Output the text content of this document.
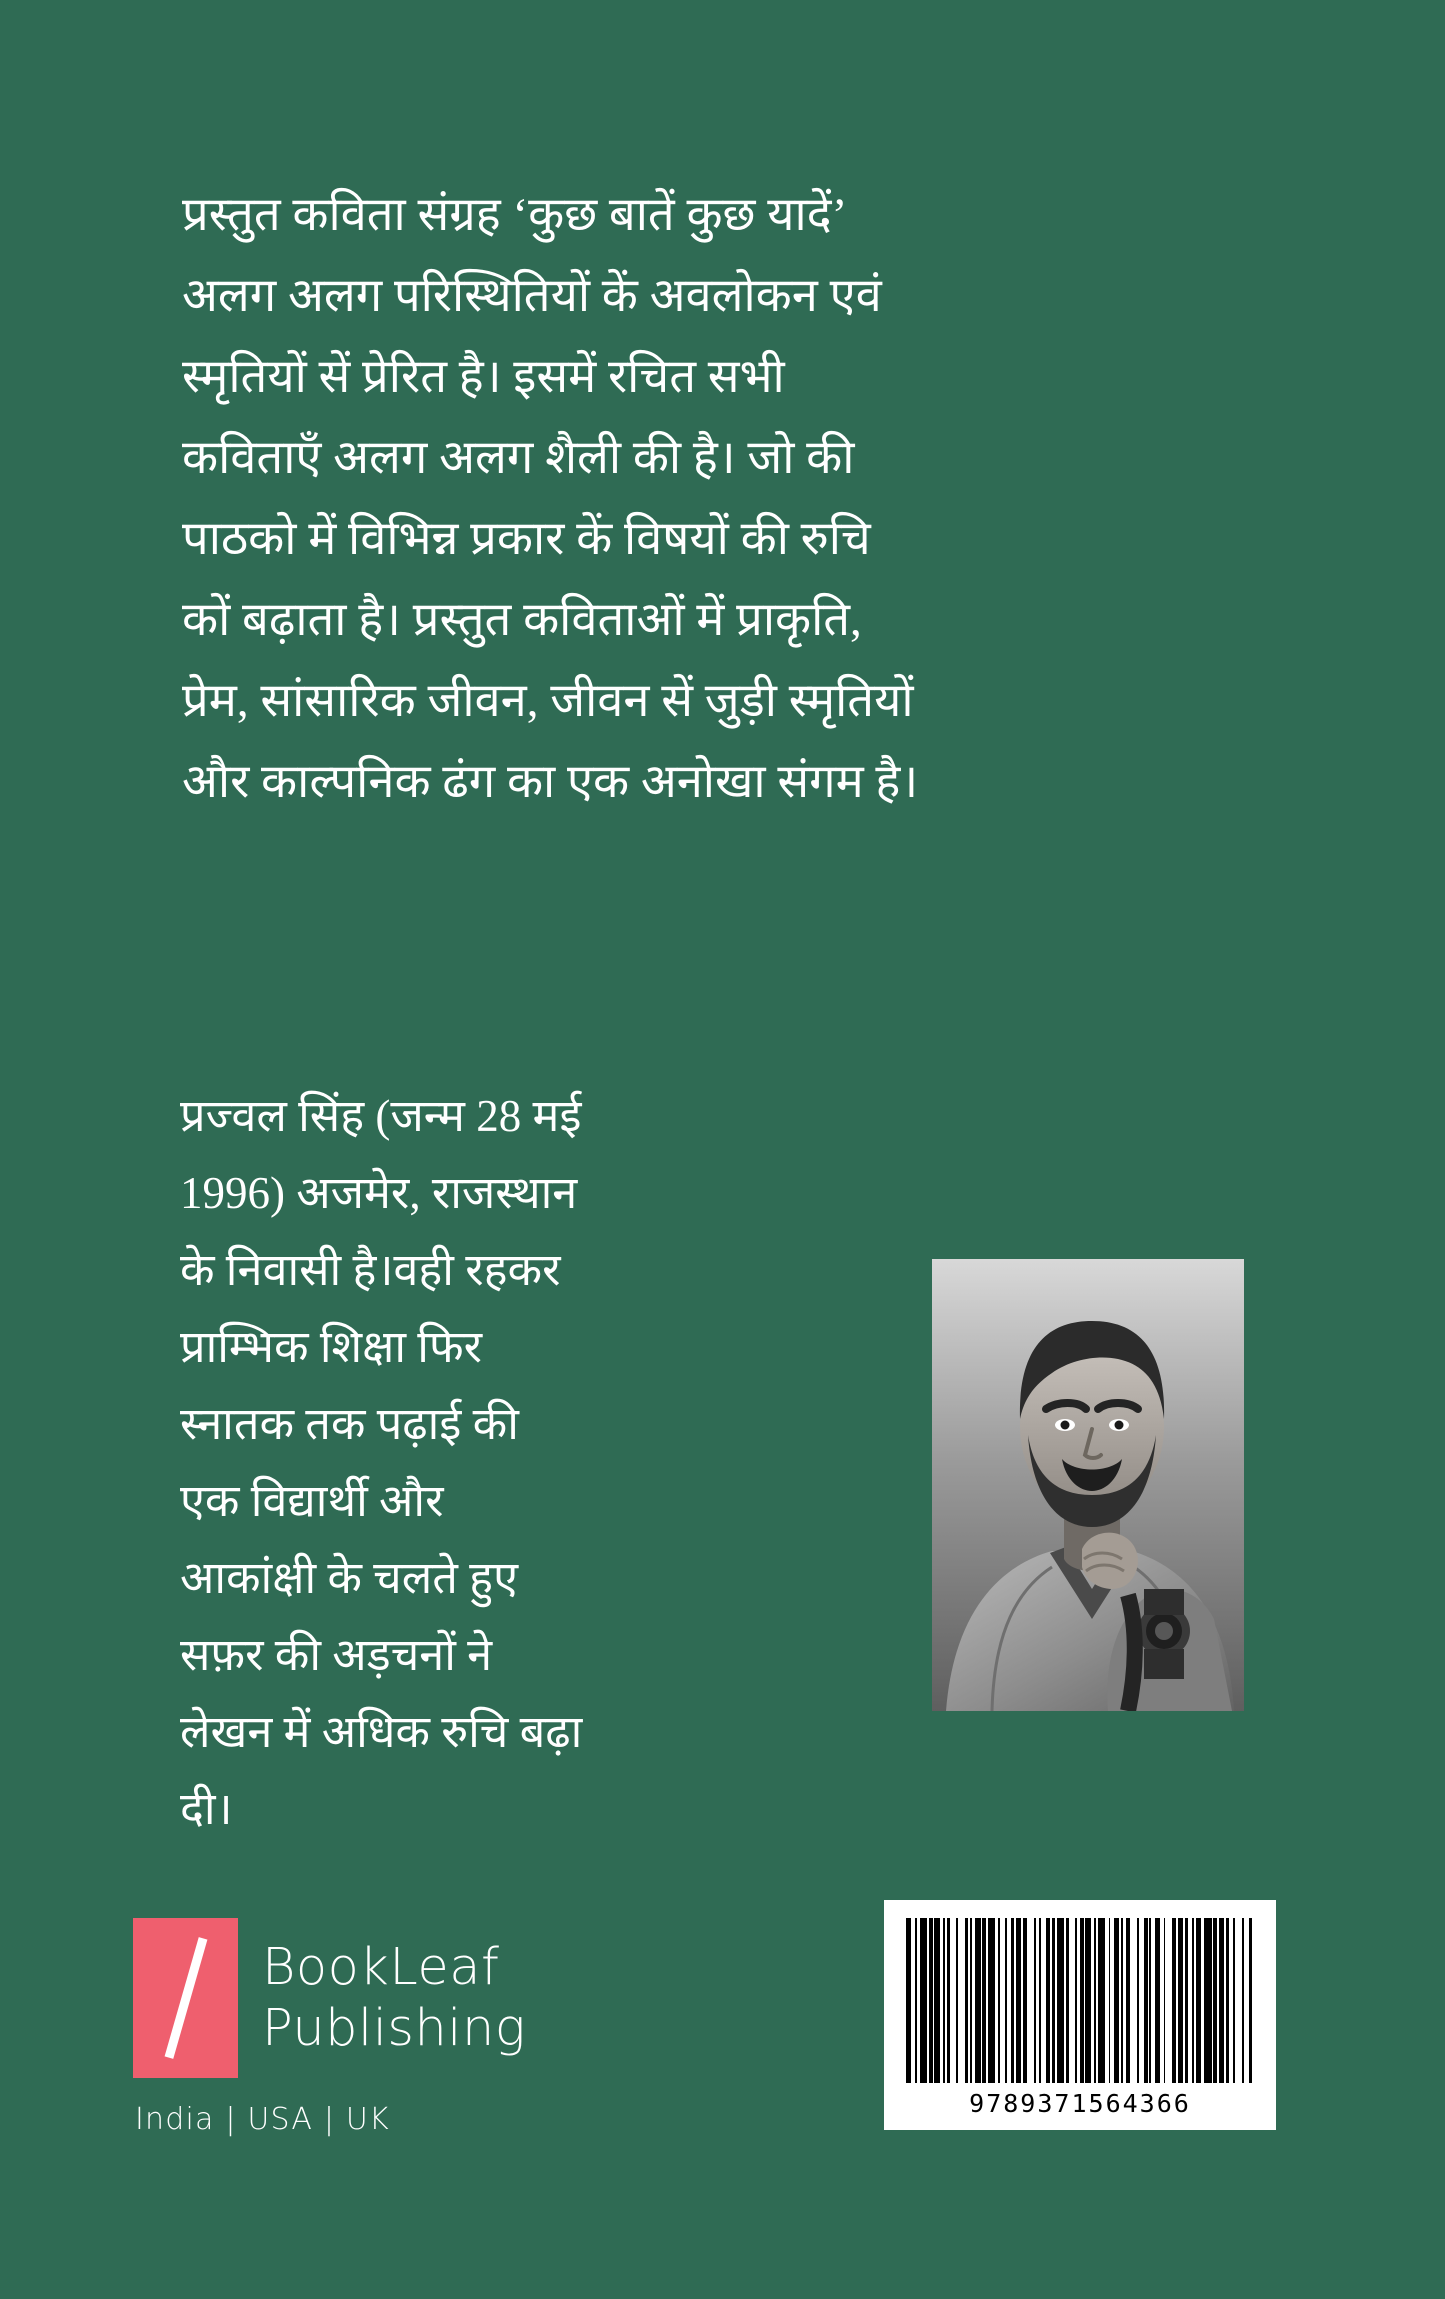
प्रस्तुत कविता संग्रह ‘कुछ बातें कुछ यादें’
अलग अलग परिस्थितियों कें अवलोकन एवं
स्मृतियों सें प्रेरित है। इसमें रचित सभी
कविताएँ अलग अलग शैली की है। जो की
पाठको में विभिन्न प्रकार कें विषयों की रुचि
कों बढ़ाता है। प्रस्तुत कविताओं में प्राकृति,
प्रेम, सांसारिक जीवन, जीवन सें जुड़ी स्मृतियों
और काल्पनिक ढंग का एक अनोखा संगम है।
प्रज्वल सिंह (जन्म 28 मई
1996) अजमेर, राजस्थान
के निवासी है।वही रहकर
प्राम्भिक शिक्षा फिर
स्नातक तक पढ़ाई की
एक विद्यार्थी और
आकांक्षी के चलते हुए
सफ़र की अड़चनों ने
लेखन में अधिक रुचि बढ़ा
दी।
BookLeaf
Publishing
India | USA | UK	9789371564366
